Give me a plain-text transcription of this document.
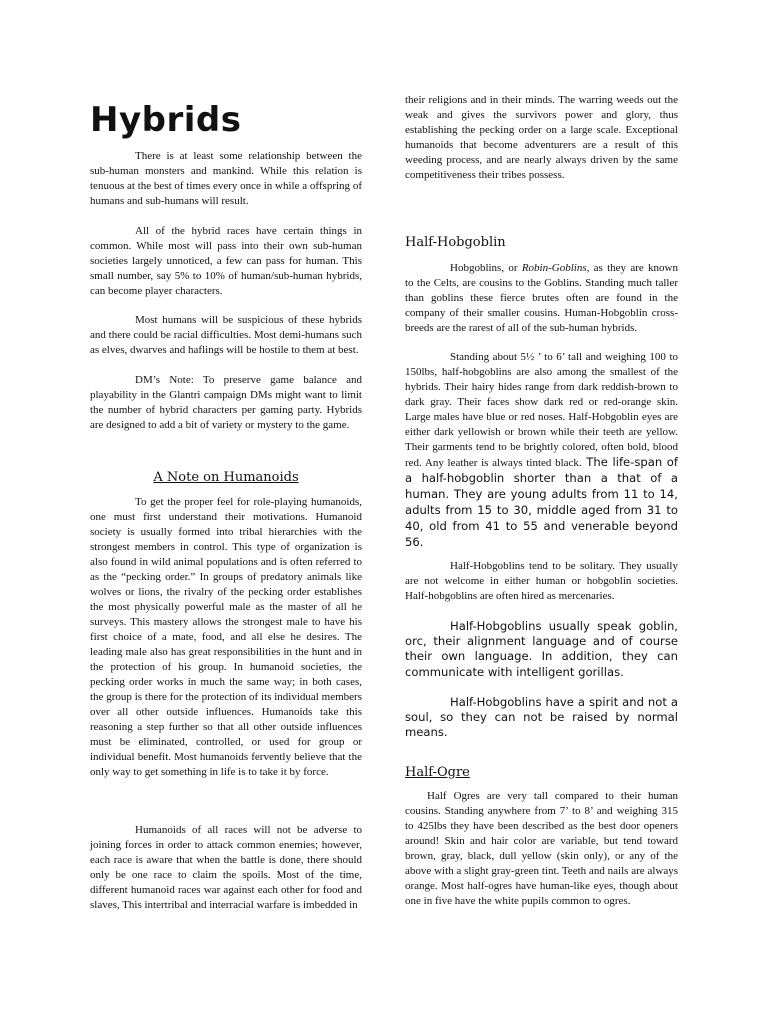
Hybrids

There is at least some relationship between the sub-human monsters and mankind. While this relation is tenuous at the best of times every once in while a offspring of humans and sub-humans will result.

All of the hybrid races have certain things in common. While most will pass into their own sub-human societies largely unnoticed, a few can pass for human. This small number, say 5% to 10% of human/sub-human hybrids, can become player characters.

Most humans will be suspicious of these hybrids and there could be racial difficulties. Most demi-humans such as elves, dwarves and haflings will be hostile to them at best.

DM’s Note: To preserve game balance and playability in the Glantri campaign DMs might want to limit the number of hybrid characters per gaming party. Hybrids are designed to add a bit of variety or mystery to the game.

A Note on Humanoids

To get the proper feel for role-playing humanoids, one must first understand their motivations. Humanoid society is usually formed into tribal hierarchies with the strongest members in control. This type of organization is also found in wild animal populations and is often referred to as the “pecking order.” In groups of predatory animals like wolves or lions, the rivalry of the pecking order establishes the most physically powerful male as the master of all he surveys. This mastery allows the strongest male to have his first choice of a mate, food, and all else he desires. The leading male also has great responsibilities in the hunt and in the protection of his group. In humanoid societies, the pecking order works in much the same way; in both cases, the group is there for the protection of its individual members over all other outside influences. Humanoids take this reasoning a step further so that all other outside influences must be eliminated, controlled, or used for group or individual benefit. Most humanoids fervently believe that the only way to get something in life is to take it by force.

Humanoids of all races will not be adverse to joining forces in order to attack common enemies; however, each race is aware that when the battle is done, there should only be one race to claim the spoils. Most of the time, different humanoid races war against each other for food and slaves, This intertribal and interracial warfare is imbedded in

their religions and in their minds. The warring weeds out the weak and gives the survivors power and glory, thus establishing the pecking order on a large scale. Exceptional humanoids that become adventurers are a result of this weeding process, and are nearly always driven by the same competitiveness their tribes possess.

Half-Hobgoblin

Hobgoblins, or Robin-Goblins, as they are known to the Celts, are cousins to the Goblins. Standing much taller than goblins these fierce brutes often are found in the company of their smaller cousins. Human-Hobgoblin cross-breeds are the rarest of all of the sub-human hybrids.

Standing about 5½ ’ to 6’ tall and weighing 100 to 150lbs, half-hobgoblins are also among the smallest of the hybrids. Their hairy hides range from dark reddish-brown to dark gray. Their faces show dark red or red-orange skin. Large males have blue or red noses. Half-Hobgoblin eyes are either dark yellowish or brown while their teeth are yellow. Their garments tend to be brightly colored, often bold, blood red. Any leather is always tinted black. The life-span of a half-hobgoblin shorter than a that of a human. They are young adults from 11 to 14, adults from 15 to 30, middle aged from 31 to 40, old from 41 to 55 and venerable beyond 56.

Half-Hobgoblins tend to be solitary. They usually are not welcome in either human or hobgoblin societies. Half-hobgoblins are often hired as mercenaries.

Half-Hobgoblins usually speak goblin, orc, their alignment language and of course their own language. In addition, they can communicate with intelligent gorillas.

Half-Hobgoblins have a spirit and not a soul, so they can not be raised by normal means.

Half-Ogre

Half Ogres are very tall compared to their human cousins. Standing anywhere from 7’ to 8’ and weighing 315 to 425lbs they have been described as the best door openers around! Skin and hair color are variable, but tend toward brown, gray, black, dull yellow (skin only), or any of the above with a slight gray-green tint. Teeth and nails are always orange. Most half-ogres have human-like eyes, though about one in five have the white pupils common to ogres.
